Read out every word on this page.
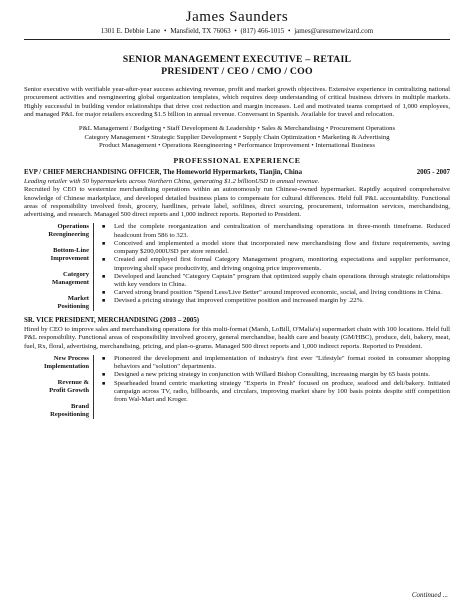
James Saunders
1301 E. Debbie Lane • Mansfield, TX 76063 • (817) 466-1015 • james@aresumewizard.com
SENIOR MANAGEMENT EXECUTIVE – RETAIL
PRESIDENT / CEO / CMO / COO
Senior executive with verifiable year-after-year success achieving revenue, profit and market growth objectives. Extensive experience in centralizing national procurement activities and reengineering global organization templates, which requires deep understanding of critical business drivers in multiple markets. Highly successful in building vendor relationships that drive cost reduction and margin increases. Led and motivated teams comprised of 1,000 employees, and managed P&L for major retailers exceeding $1.5 billion in annual revenue. Conversant in Spanish. Available for travel and relocation.
P&L Management / Budgeting • Staff Development & Leadership • Sales & Merchandising • Procurement Operations
Category Management • Strategic Supplier Development • Supply Chain Optimization • Marketing & Advertising
Product Management • Operations Reengineering • Performance Improvement • International Business
PROFESSIONAL EXPERIENCE
EVP / CHIEF MERCHANDISING OFFICER, The Homeworld Hypermarkets, Tianjin, China	2005 - 2007
Leading retailer with 50 hypermarkets across Northern China, generating $1.2 billionUSD in annual revenue.
Recruited by CEO to westernize merchandising operations within an autonomously run Chinese-owned hypermarket. Rapidly acquired comprehensive knowledge of Chinese marketplace, and developed detailed business plans to compensate for cultural differences. Held full P&L accountability. Functional areas of responsibility involved fresh, grocery, hardlines, private label, softlines, direct sourcing, procurement, information services, merchandising, advertising, and research. Managed 500 direct reports and 1,000 indirect reports. Reported to President.
Operations
Reengineering

Bottom-Line
Improvement

Category
Management

Market
Positioning
■ Led the complete reorganization and centralization of merchandising operations in three-month timeframe. Reduced headcount from 586 to 323.
■ Conceived and implemented a model store that incorporated new merchandising flow and fixture requirements, saving company $200,000USD per store remodel.
■ Created and employed first formal Category Management program, monitoring expectations and supplier performance, improving shelf space productivity, and driving ongoing price improvements.
■ Developed and launched "Category Captain" program that optimized supply chain operations through strategic relationships with key vendors in China.
■ Carved strong brand position "Spend Less/Live Better" around improved economic, social, and living conditions in China.
■ Devised a pricing strategy that improved competitive position and increased margin by .22%.
SR. VICE PRESIDENT, MERCHANDISING (2003 – 2005)
Hired by CEO to improve sales and merchandising operations for this multi-format (Marsh, LoBill, O'Malia's) supermarket chain with 100 locations. Held full P&L responsibility. Functional areas of responsibility involved grocery, general merchandise, health care and beauty (GM/HBC), produce, deli, bakery, meat, fuel, Rx, floral, advertising, merchandising, pricing, and plan-o-grams. Managed 500 direct reports and 1,000 indirect reports. Reported to President.
New Process
Implementation

Revenue &
Profit Growth

Brand
Repositioning
■ Pioneered the development and implementation of industry's first ever "Lifestyle" format rooted in consumer shopping behaviors and "solution" departments.
■ Designed a new pricing strategy in conjunction with Willard Bishop Consulting, increasing margin by 65 basis points.
■ Spearheaded brand centric marketing strategy "Experts in Fresh" focused on produce, seafood and deli/bakery. Initiated campaign across TV, radio, billboards, and circulars, improving market share by 100 basis points despite stiff competition from Wal-Mart and Kroger.
Continued ...
